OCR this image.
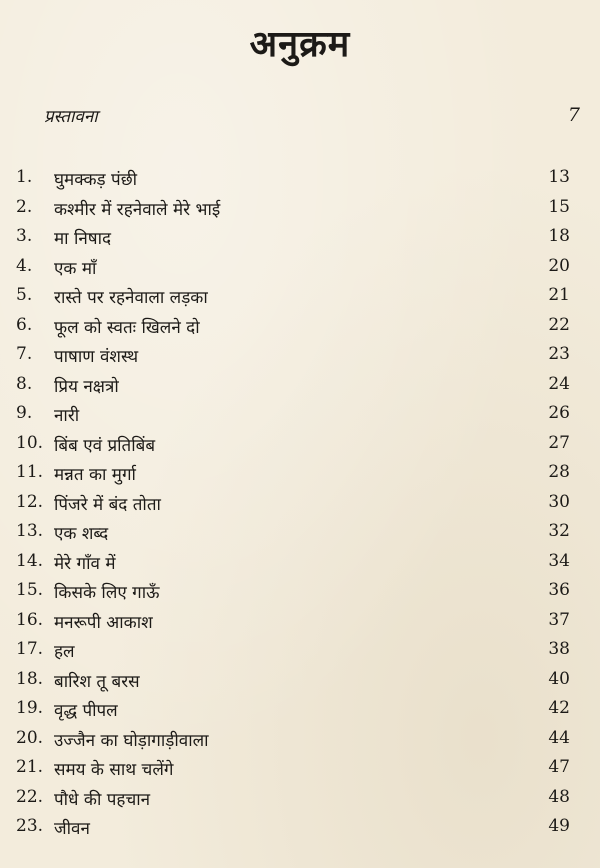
अनुक्रम
प्रस्तावना	7
1.	घुमक्कड़ पंछी	13
2.	कश्मीर में रहनेवाले मेरे भाई	15
3.	मा निषाद	18
4.	एक माँ	20
5.	रास्ते पर रहनेवाला लड़का	21
6.	फूल को स्वतः खिलने दो	22
7.	पाषाण वंशस्थ	23
8.	प्रिय नक्षत्रो	24
9.	नारी	26
10. बिंब एवं प्रतिबिंब	27
11. मन्नत का मुर्गा	28
12. पिंजरे में बंद तोता	30
13. एक शब्द	32
14. मेरे गाँव में	34
15. किसके लिए गाऊँ	36
16. मनरूपी आकाश	37
17. हल	38
18. बारिश तू बरस	40
19. वृद्ध पीपल	42
20. उज्जैन का घोड़ागाड़ीवाला	44
21. समय के साथ चलेंगे	47
22. पौधे की पहचान	48
23. जीवन	49
